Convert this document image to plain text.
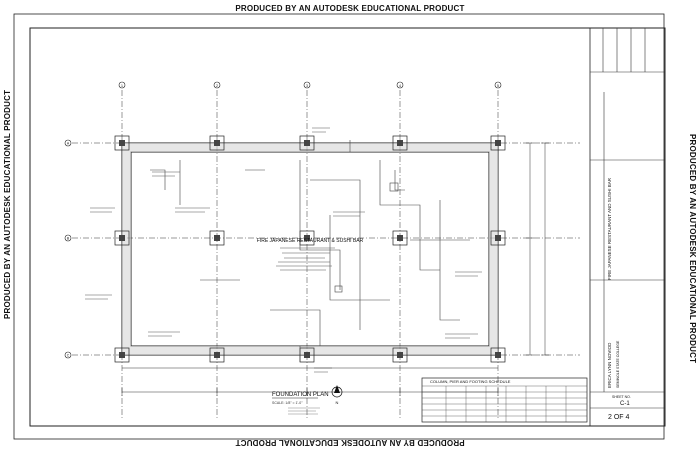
PRODUCED BY AN AUTODESK EDUCATIONAL PRODUCT
PRODUCED BY AN AUTODESK EDUCATIONAL PRODUCT
PRODUCED BY AN AUTODESK EDUCATIONAL PRODUCT	PRODUCED BY AN AUTODESK EDUCATIONAL PRODUCT
1	2	3	4	5
A
B
C
FIRE JAPANESE RESTAURANT & SUSHI BAR
FOUNDATION PLAN
SCALE: 1/8" = 1'-0"	N
COLUMN, PIER AND FOOTING SCHEDULE
FIRE JAPANESE RESTAURANT AND SUSHI BAR
ERICA LYNN NOVIOD SEMINOLE STATE COLLEGE
SHEET NO.
C-1
2 OF 4
